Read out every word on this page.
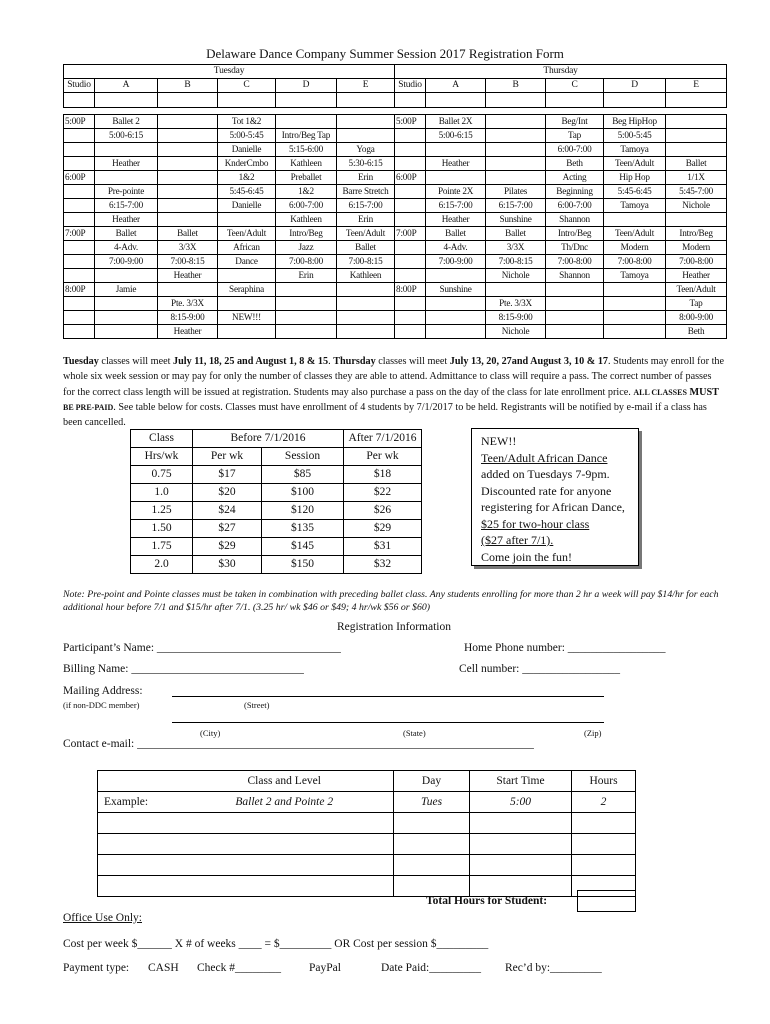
Delaware Dance Company Summer Session 2017 Registration Form
Tuesday						Thursday					
Studio	A	B	C	D	E	Studio	A	B	C	D	E

5:00P	Ballet 2		Tot 1&2			5:00P	Ballet 2X		Beg/Int	Beg HipHop	
	5:00-6:15		5:00-5:45	Intro/Beg Tap			5:00-6:15		Tap	5:00-5:45	
			Danielle	5:15-6:00	Yoga				6:00-7:00	Tamoya	
	Heather		KnderCmbo	Kathleen	5:30-6:15		Heather		Beth	Teen/Adult	Ballet
6:00P			1&2	Preballet	Erin	6:00P			Acting	Hip Hop	1/1X
	Pre-pointe		5:45-6:45	1&2	Barre Stretch		Pointe 2X	Pilates	Beginning	5:45-6:45	5:45-7:00
	6:15-7:00		Danielle	6:00-7:00	6:15-7:00		6:15-7:00	6:15-7:00	6:00-7:00	Tamoya	Nichole
	Heather			Kathleen	Erin		Heather	Sunshine	Shannon		
7:00P	Ballet	Ballet	Teen/Adult	Intro/Beg	Teen/Adult	7:00P	Ballet	Ballet	Intro/Beg	Teen/Adult	Intro/Beg
	4-Adv.	3/3X	African	Jazz	Ballet		4-Adv.	3/3X	Th/Dnc	Modern	Modern
	7:00-9:00	7:00-8:15	Dance	7:00-8:00	7:00-8:15		7:00-9:00	7:00-8:15	7:00-8:00	7:00-8:00	7:00-8:00
		Heather		Erin	Kathleen			Nichole	Shannon	Tamoya	Heather
8:00P	Jamie		Seraphina			8:00P	Sunshine				Teen/Adult
		Pte. 3/3X						Pte. 3/3X			Tap
		8:15-9:00	NEW!!!					8:15-9:00			8:00-9:00
		Heather						Nichole			Beth
Tuesday classes will meet July 11, 18, 25 and August 1, 8 & 15. Thursday classes will meet July 13, 20, 27and August 3, 10 & 17. Students may enroll for the whole six week session or may pay for only the number of classes they are able to attend. Admittance to class will require a pass. The correct number of passes for the correct class length will be issued at registration. Students may also purchase a pass on the day of the class for late enrollment price. ALL CLASSES MUST BE PRE-PAID. See table below for costs. Classes must have enrollment of 4 students by 7/1/2017 to be held. Registrants will be notified by e-mail if a class has been cancelled.
Class	Before 7/1/2016		After 7/1/2016
Hrs/wk	Per wk	Session	Per wk
0.75	$17	$85	$18
1.0	$20	$100	$22
1.25	$24	$120	$26
1.50	$27	$135	$29
1.75	$29	$145	$31
2.0	$30	$150	$32
NEW!!
Teen/Adult African Dance
added on Tuesdays 7-9pm.
Discounted rate for anyone
registering for African Dance,
$25 for two-hour class
($27 after 7/1).
Come join the fun!
Note: Pre-point and Pointe classes must be taken in combination with preceding ballet class. Any students enrolling for more than 2 hr a week will pay $14/hr for each additional hour before 7/1 and $15/hr after 7/1. (3.25 hr/ wk $46 or $49; 4 hr/wk $56 or $60)
Registration Information
Participant’s Name: ________________________________	Home Phone number: _________________
Billing Name: ______________________________	Cell number: _________________
Mailing Address:
(if non-DDC member)	(Street)
(City)	(State)	(Zip)
Contact e-mail: _____________________________________________________________________
	Class and Level	Day	Start Time	Hours
Example:	Ballet 2 and Pointe 2	Tues	5:00	2

Total Hours for Student:
Office Use Only:
Cost per week $______ X # of weeks ____ = $_________ OR Cost per session $_________
Payment type: CASH Check #________ PayPal	Date Paid:_________ Rec’d by:_________
